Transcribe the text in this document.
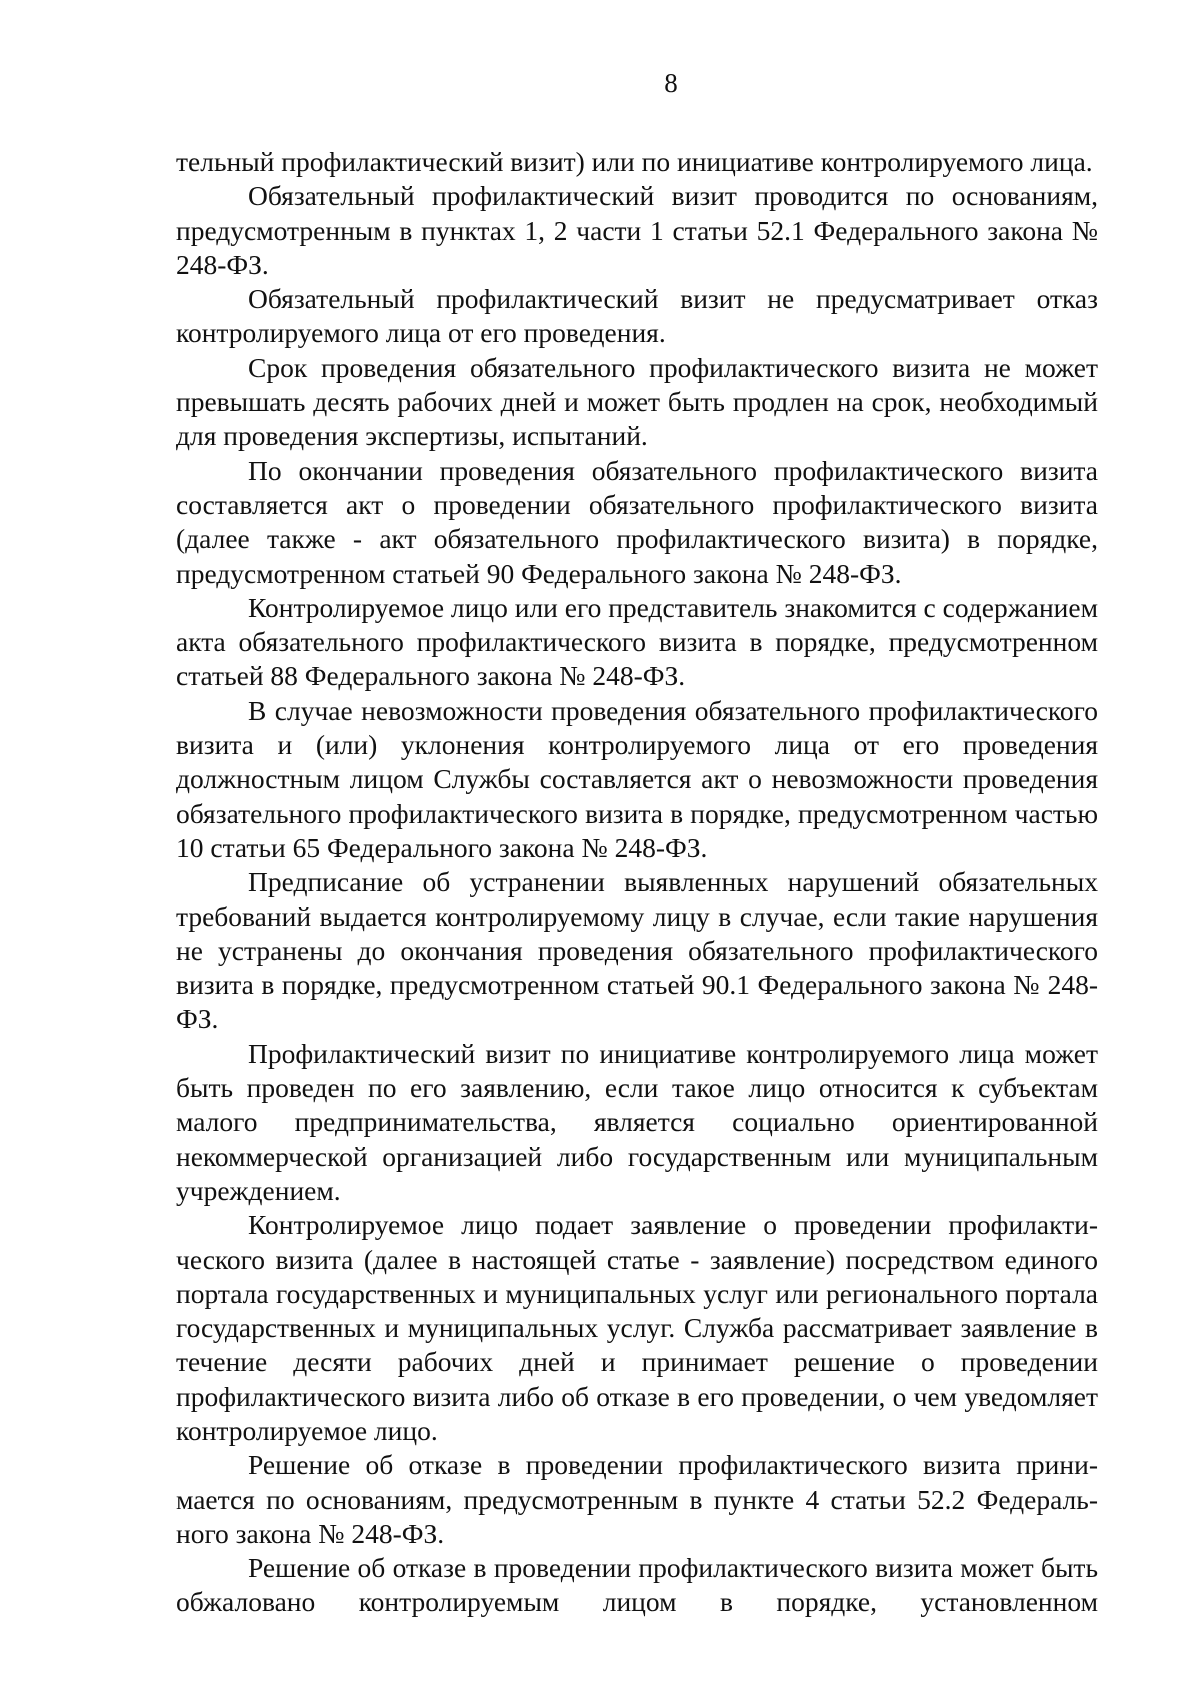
8

тельный профилактический визит) или по инициативе контролируемого лица.

Обязательный профилактический визит проводится по основаниям, предусмотренным в пунктах 1, 2 части 1 статьи 52.1 Федерального закона № 248-ФЗ.

Обязательный профилактический визит не предусматривает отказ контролируемого лица от его проведения.

Срок проведения обязательного профилактического визита не может превышать десять рабочих дней и может быть продлен на срок, необходимый для проведения экспертизы, испытаний.

По окончании проведения обязательного профилактического визита составляется акт о проведении обязательного профилактического визита (далее также - акт обязательного профилактического визита) в порядке, предусмотренном статьей 90 Федерального закона № 248-ФЗ.

Контролируемое лицо или его представитель знакомится с содержанием акта обязательного профилактического визита в порядке, предусмотренном статьей 88 Федерального закона № 248-ФЗ.

В случае невозможности проведения обязательного профилактического визита и (или) уклонения контролируемого лица от его проведения должностным лицом Службы составляется акт о невозможности проведения обязательного профилактического визита в порядке, предусмотренном частью 10 статьи 65 Федерального закона № 248-ФЗ.

Предписание об устранении выявленных нарушений обязательных требований выдается контролируемому лицу в случае, если такие нарушения не устранены до окончания проведения обязательного профилактического визита в порядке, предусмотренном статьей 90.1 Федерального закона № 248-ФЗ.

Профилактический визит по инициативе контролируемого лица может быть проведен по его заявлению, если такое лицо относится к субъектам малого предпринимательства, является социально ориентированной некоммерческой организацией либо государственным или муниципальным учреждением.

Контролируемое лицо подает заявление о проведении профилактического визита (далее в настоящей статье - заявление) посредством единого портала государственных и муниципальных услуг или регионального портала государственных и муниципальных услуг. Служба рассматривает заявление в течение десяти рабочих дней и принимает решение о проведении профилактического визита либо об отказе в его проведении, о чем уведомляет контролируемое лицо.

Решение об отказе в проведении профилактического визита принимается по основаниям, предусмотренным в пункте 4 статьи 52.2 Федерального закона № 248-ФЗ.

Решение об отказе в проведении профилактического визита может быть обжаловано контролируемым лицом в порядке, установленном
